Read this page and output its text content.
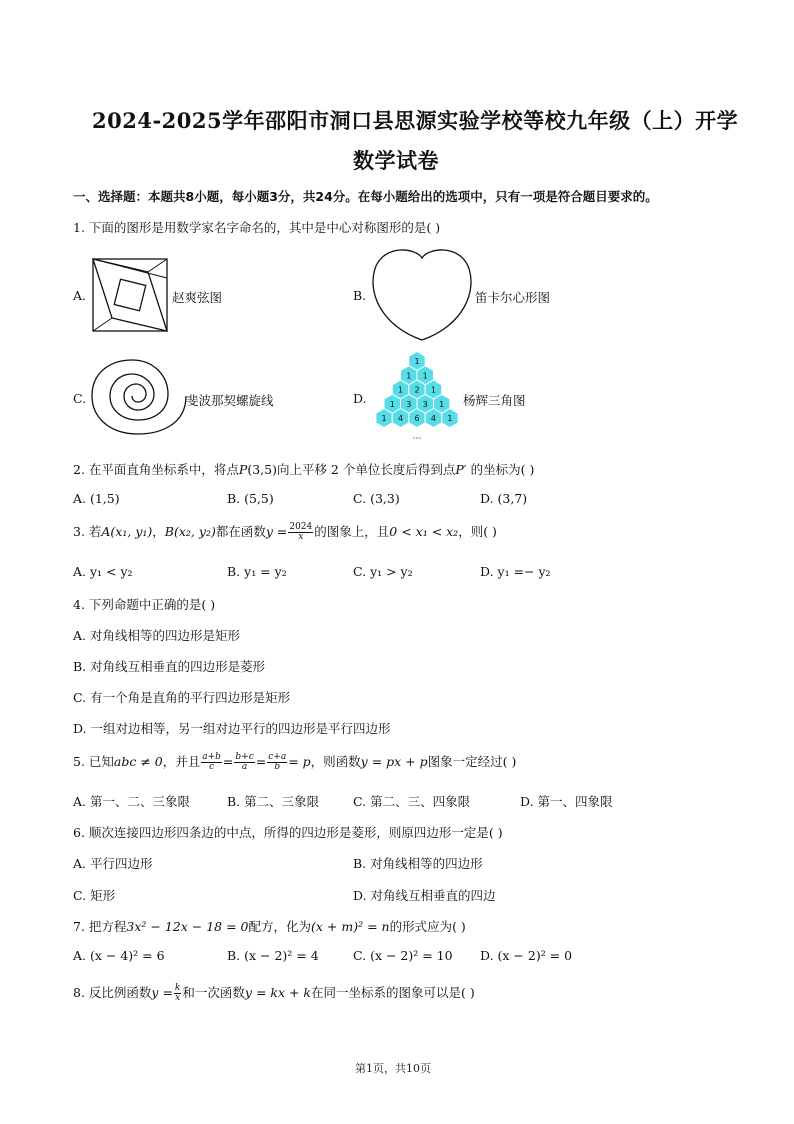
2024-2025学年邵阳市洞口县思源实验学校等校九年级（上）开学
数学试卷
一、选择题：本题共8小题，每小题3分，共24分。在每小题给出的选项中，只有一项是符合题目要求的。
1. 下面的图形是用数学家名字命名的，其中是中心对称图形的是( )
A.	赵爽弦图	B.	笛卡尔心形图
C.	斐波那契螺旋线	D.
1
1 1
1 2 1
1 3 3 1
1 4 6 4 1
…
杨辉三角图
2. 在平面直角坐标系中，将点P(3,5)向上平移 2 个单位长度后得到点P′ 的坐标为( )
A. (1,5)	B. (5,5)	C. (3,3)	D. (3,7)
3. 若A(x₁, y₁)，B(x₂, y₂)都在函数$y = \frac{2024}{x}$ 的图象上，且0 < x₁ < x₂，则( )
A. y₁ < y₂	B. y₁ = y₂	C. y₁ > y₂	D. y₁ =− y₂
4. 下列命题中正确的是( )
A. 对角线相等的四边形是矩形
B. 对角线互相垂直的四边形是菱形
C. 有一个角是直角的平行四边形是矩形
D. 一组对边相等，另一组对边平行的四边形是平行四边形
5. 已知abc ≠ 0，并且 $\frac{a+b}{c} = \frac{b+c}{a} = \frac{c+a}{b} = p$，则函数y = px + p图象一定经过( )
A. 第一、二、三象限	B. 第二、三象限	C. 第二、三、四象限	D. 第一、四象限
6. 顺次连接四边形四条边的中点，所得的四边形是菱形，则原四边形一定是( )
A. 平行四边形	B. 对角线相等的四边形
C. 矩形	D. 对角线互相垂直的四边
7. 把方程3x² − 12x − 18 = 0配方，化为(x + m)² = n的形式应为( )
A. (x − 4)² = 6	B. (x − 2)² = 4	C. (x − 2)² = 10 D. (x − 2)² = 0
8. 反比例函数$y = \frac{k}{x}$ 和一次函数y = kx + k在同一坐标系的图象可以是( )
第1页，共10页
